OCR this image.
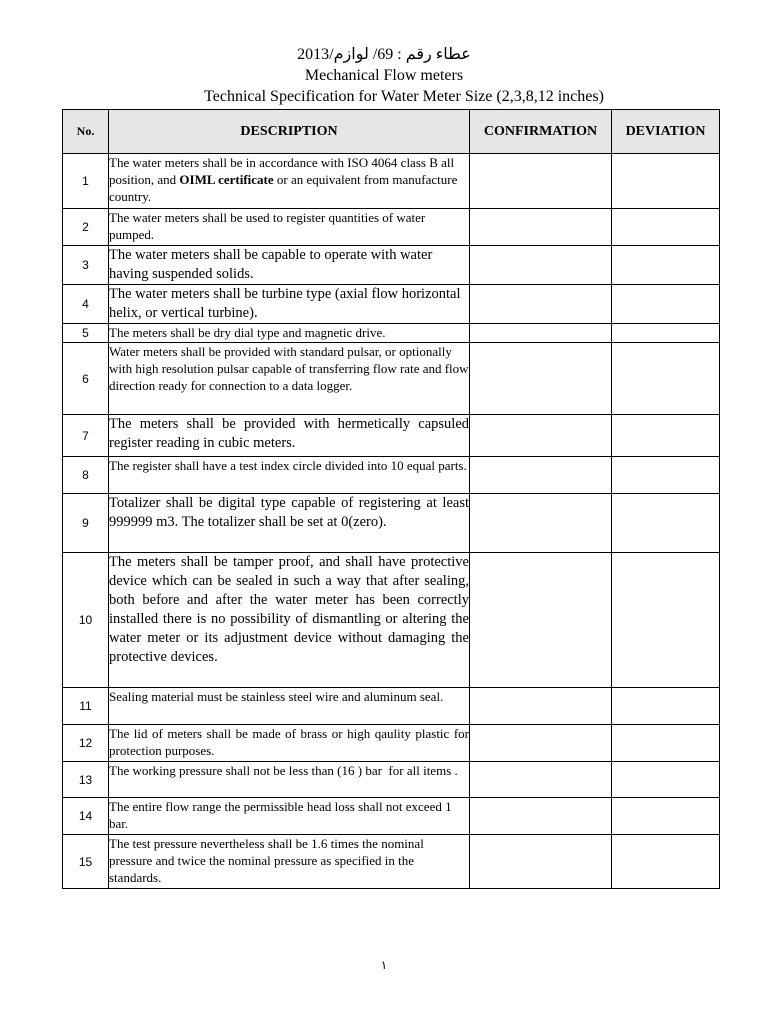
عطاء رقم : 69/ لوازم/2013
Mechanical Flow meters
Technical Specification for Water Meter Size (2,3,8,12 inches)
No.	DESCRIPTION	CONFIRMATION	DEVIATION
1	The water meters shall be in accordance with ISO 4064 class B all position, and OIML certificate or an equivalent from manufacture country.		
2	The water meters shall be used to register quantities of water pumped.		
3	The water meters shall be capable to operate with water having suspended solids.		
4	The water meters shall be turbine type (axial flow horizontal helix, or vertical turbine).		
5	The meters shall be dry dial type and magnetic drive.		
6	Water meters shall be provided with standard pulsar, or optionally with high resolution pulsar capable of transferring flow rate and flow direction ready for connection to a data logger.		
7	The meters shall be provided with hermetically capsuled register reading in cubic meters.		
8	The register shall have a test index circle divided into 10 equal parts.		
9	Totalizer shall be digital type capable of registering at least 999999 m3. The totalizer shall be set at 0(zero).		
10	The meters shall be tamper proof, and shall have protective device which can be sealed in such a way that after sealing, both before and after the water meter has been correctly installed there is no possibility of dismantling or altering the water meter or its adjustment device without damaging the protective devices.		
11	Sealing material must be stainless steel wire and aluminum seal.		
12	The lid of meters shall be made of brass or high qaulity plastic for protection purposes.		
13	The working pressure shall not be less than (16 ) bar  for all items .		
14	The entire flow range the permissible head loss shall not exceed 1 bar.		
15	The test pressure nevertheless shall be 1.6 times the nominal pressure and twice the nominal pressure as specified in the standards.		
١
